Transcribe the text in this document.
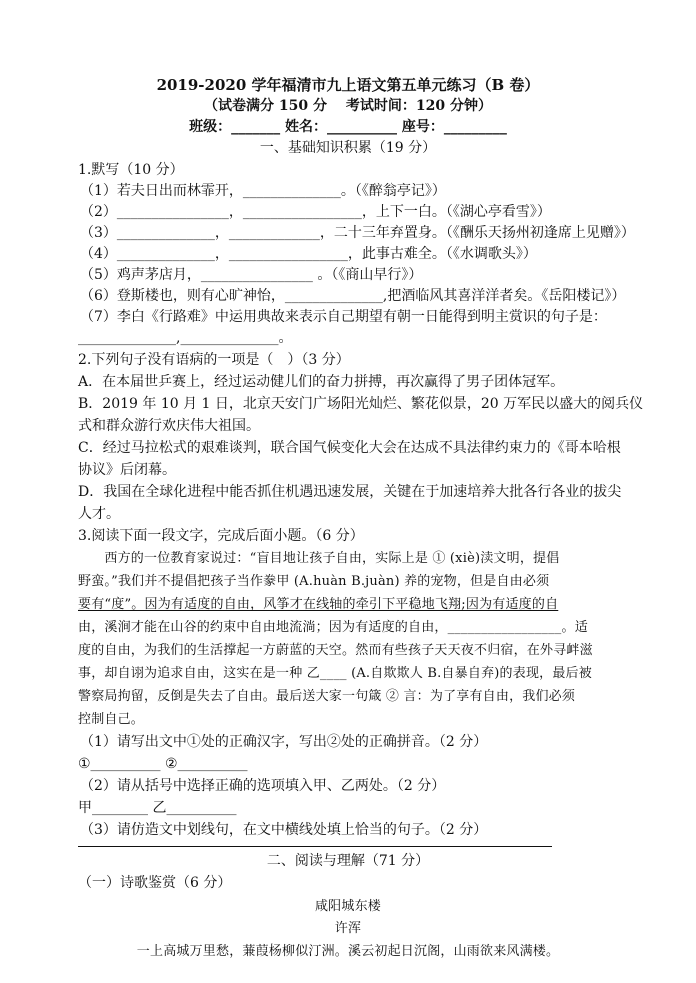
2019-2020 学年福清市九上语文第五单元练习（B 卷）
（试卷满分 150 分　 考试时间：120 分钟）
班级：_______ 姓名：__________ 座号：_________
一、基础知识积累（19 分）
1.默写（10 分）
（1）若夫日出而林霏开，______________。（《醉翁亭记》）
（2）________________，_________________，上下一白。（《湖心亭看雪》）
（3）______________，_____________，二十三年弃置身。（《酬乐天扬州初逢席上见赠》）
（4）______________，_________________，此事古难全。（《水调歌头》）
（5）鸡声茅店月，________________ 。（《商山早行》）
（6）登斯楼也，则有心旷神怡，______________,把酒临风其喜洋洋者矣。《岳阳楼记》）
（7）李白《行路难》中运用典故来表示自己期望有朝一日能得到明主赏识的句子是：
______________,______________。
2.下列句子没有语病的一项是（　）（3 分）
A．在本届世乒赛上，经过运动健儿们的奋力拼搏，再次赢得了男子团体冠军。
B．2019 年 10 月 1 日，北京天安门广场阳光灿烂、繁花似景，20 万军民以盛大的阅兵仪
式和群众游行欢庆伟大祖国。
C．经过马拉松式的艰难谈判，联合国气候变化大会在达成不具法律约束力的《哥本哈根
协议》后闭幕。
D．我国在全球化进程中能否抓住机遇迅速发展，关键在于加速培养大批各行各业的拔尖
人才。
3.阅读下面一段文字，完成后面小题。（6 分）
　　西方的一位教育家说过：“盲目地让孩子自由，实际上是 ① (xiè)渎文明，提倡
野蛮。”我们并不提倡把孩子当作豢甲 (A.huàn B.juàn) 养的宠物，但是自由必须
要有“度”。因为有适度的自由，风筝才在线轴的牵引下平稳地飞翔;因为有适度的自
由，溪涧才能在山谷的约束中自由地流淌；因为有适度的自由，_________________。适
度的自由，为我们的生活撑起一方蔚蓝的天空。然而有些孩子天天夜不归宿，在外寻衅滋
事，却自诩为追求自由，这实在是一种 乙____ (A.自欺欺人 B.自暴自弃)的表现，最后被
警察局拘留，反倒是失去了自由。最后送大家一句箴 ② 言：为了享有自由，我们必须
控制自己。
（1）请写出文中①处的正确汉字，写出②处的正确拼音。（2 分）
①__________ ②__________
（2）请从括号中选择正确的选项填入甲、乙两处。（2 分）
甲________ 乙__________
（3）请仿造文中划线句，在文中横线处填上恰当的句子。（2 分）
二、阅读与理解（71 分）
（一）诗歌鉴赏（6 分）
咸阳城东楼
许浑
一上高城万里愁，蒹葭杨柳似汀洲。溪云初起日沉阁，山雨欲来风满楼。
